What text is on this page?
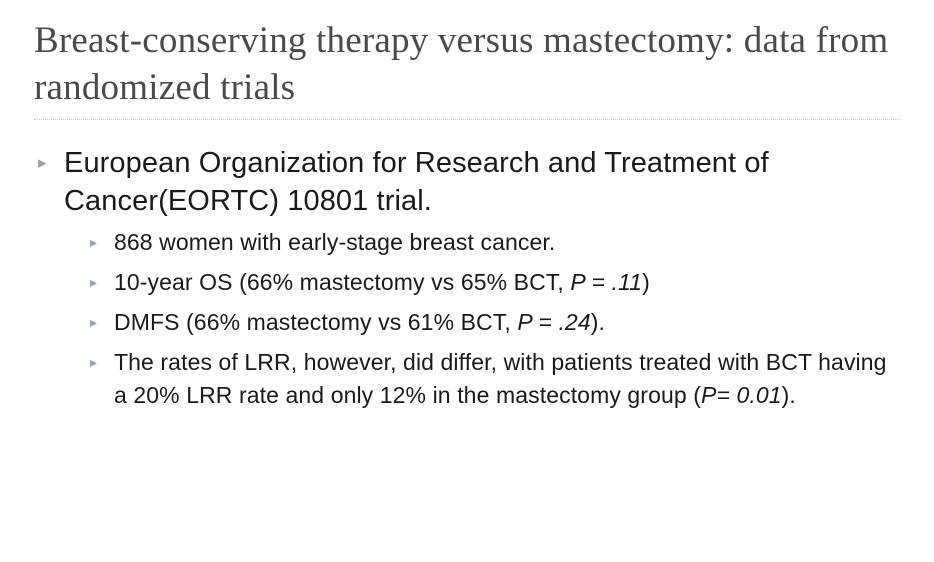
Breast-conserving therapy versus mastectomy: data from randomized trials
▸ European Organization for Research and Treatment of Cancer(EORTC) 10801 trial.
▸ 868 women with early-stage breast cancer.
▸ 10-year OS (66% mastectomy vs 65% BCT, P = .11)
▸ DMFS (66% mastectomy vs 61% BCT, P = .24).
▸ The rates of LRR, however, did differ, with patients treated with BCT having a 20% LRR rate and only 12% in the mastectomy group (P= 0.01).
